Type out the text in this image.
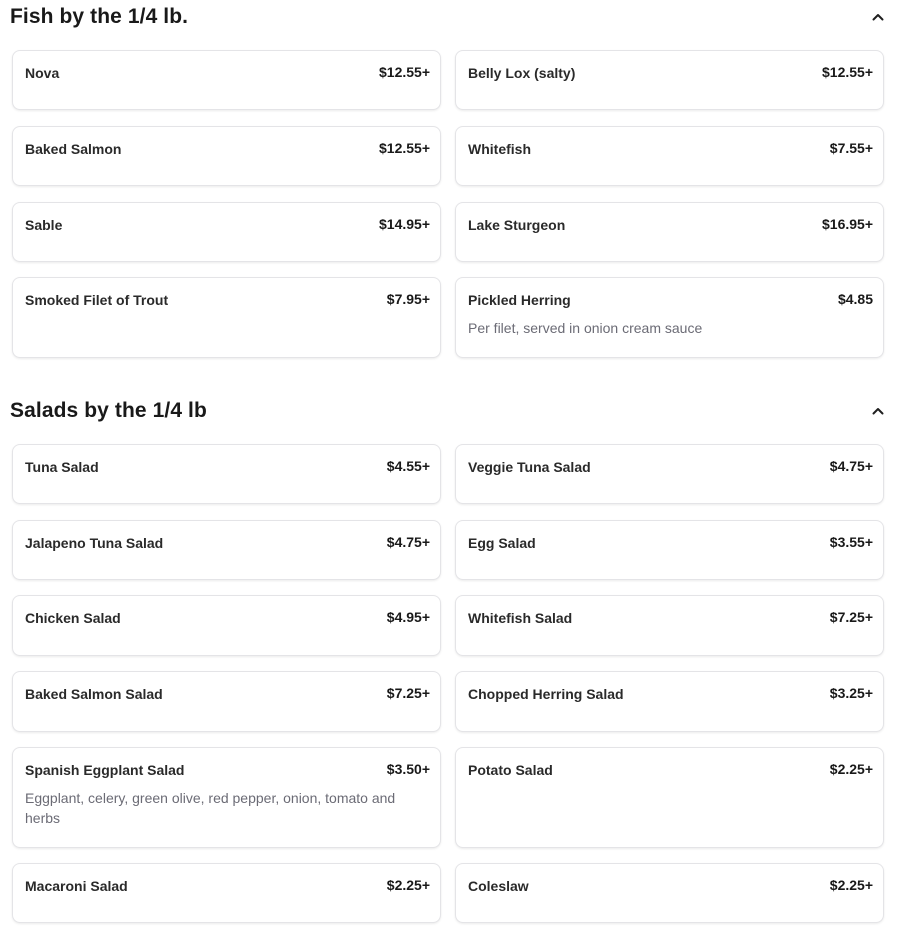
Fish by the 1/4 lb.
Nova	$12.55+	Belly Lox (salty)	$12.55+
Baked Salmon	$12.55+	Whitefish	$7.55+
Sable	$14.95+	Lake Sturgeon	$16.95+
Smoked Filet of Trout	$7.95+	Pickled Herring	$4.85
Per filet, served in onion cream sauce
Salads by the 1/4 lb
Tuna Salad	$4.55+	Veggie Tuna Salad	$4.75+
Jalapeno Tuna Salad	$4.75+	Egg Salad	$3.55+
Chicken Salad	$4.95+	Whitefish Salad	$7.25+
Baked Salmon Salad	$7.25+	Chopped Herring Salad	$3.25+
Spanish Eggplant Salad	$3.50+
Eggplant, celery, green olive, red pepper, onion, tomato and herbs
Potato Salad	$2.25+
Macaroni Salad	$2.25+	Coleslaw	$2.25+
